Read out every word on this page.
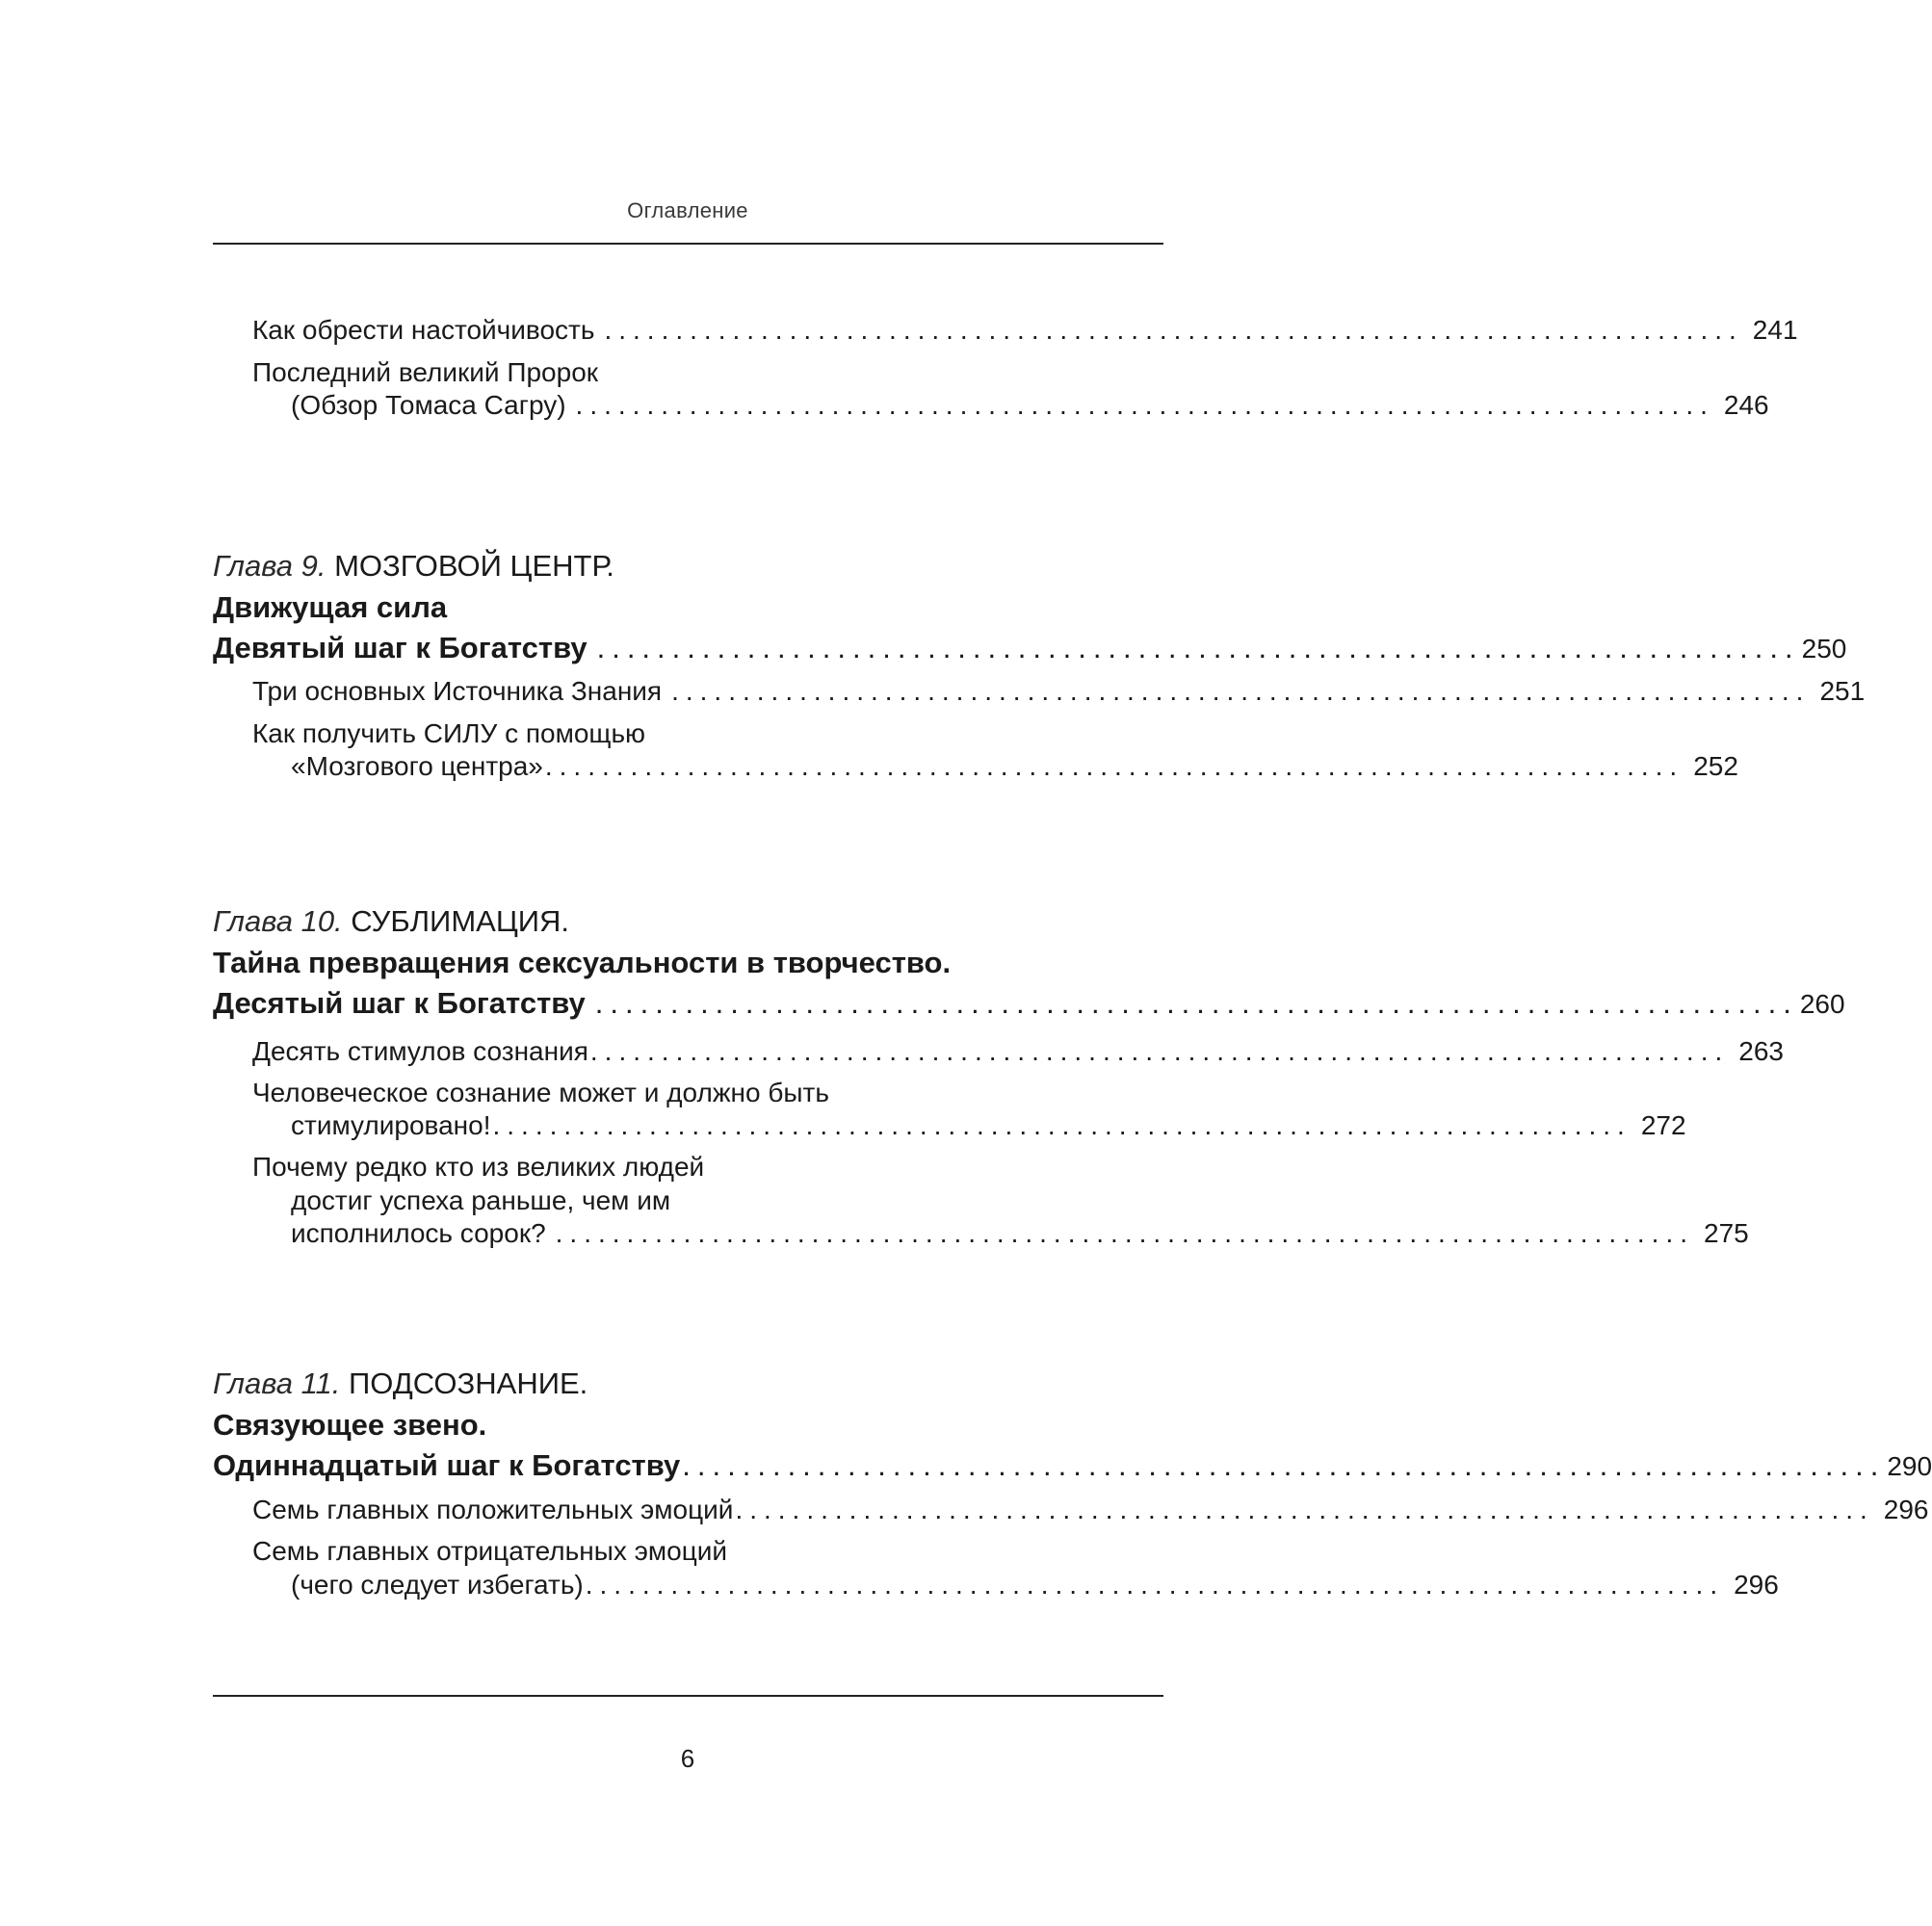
Оглавление
Как обрести настойчивость ................................................................................ 241
Последний великий Пророк
(Обзор Томаса Сагру) ................................................................................ 246
Глава 9. МОЗГОВОЙ ЦЕНТР.
Движущая сила
Девятый шаг к Богатству ................................................................................ 250
Три основных Источника Знания ................................................................................ 251
Как получить СИЛУ с помощью
«Мозгового центра» ................................................................................ 252
Глава 10. СУБЛИМАЦИЯ.
Тайна превращения сексуальности в творчество.
Десятый шаг к Богатству ................................................................................ 260
Десять стимулов сознания ................................................................................ 263
Человеческое сознание может и должно быть
стимулировано! ................................................................................ 272
Почему редко кто из великих людей
достиг успеха раньше, чем им
исполнилось сорок? ................................................................................ 275
Глава 11. ПОДСОЗНАНИЕ.
Связующее звено.
Одиннадцатый шаг к Богатству ................................................................................ 290
Семь главных положительных эмоций ................................................................................ 296
Семь главных отрицательных эмоций
(чего следует избегать) ................................................................................ 296
6
